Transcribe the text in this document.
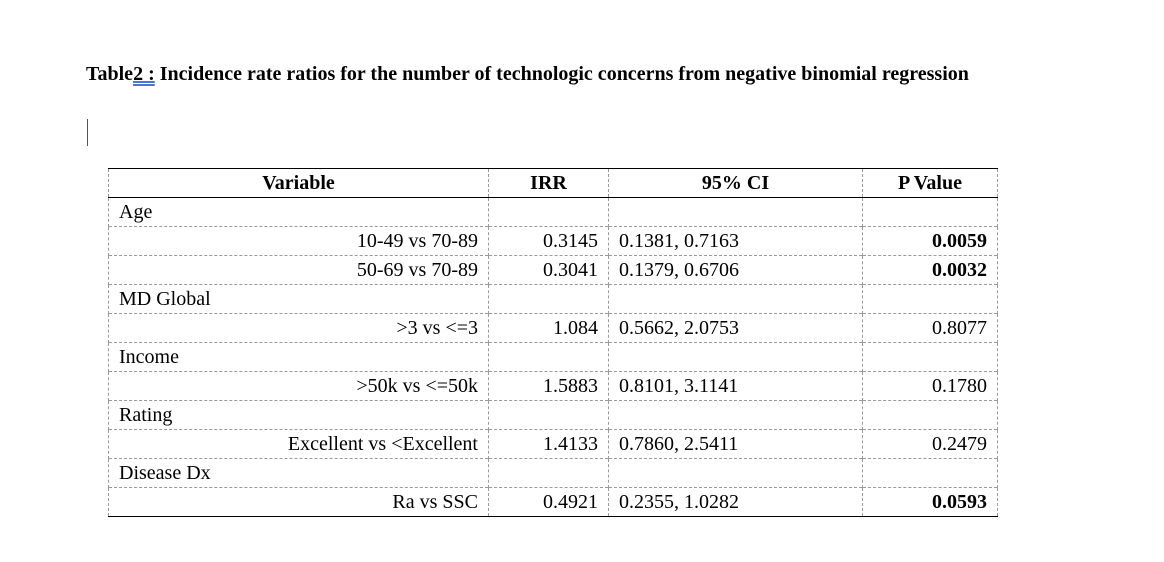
Table2 : Incidence rate ratios for the number of technologic concerns from negative binomial regression

Variable	IRR	95% CI	P Value
Age			
10-49 vs 70-89	0.3145	0.1381, 0.7163	0.0059
50-69 vs 70-89	0.3041	0.1379, 0.6706	0.0032
MD Global			
>3 vs <=3	1.084	0.5662, 2.0753	0.8077
Income			
>50k vs <=50k	1.5883	0.8101, 3.1141	0.1780
Rating			
Excellent vs <Excellent	1.4133	0.7860, 2.5411	0.2479
Disease Dx			
Ra vs SSC	0.4921	0.2355, 1.0282	0.0593
